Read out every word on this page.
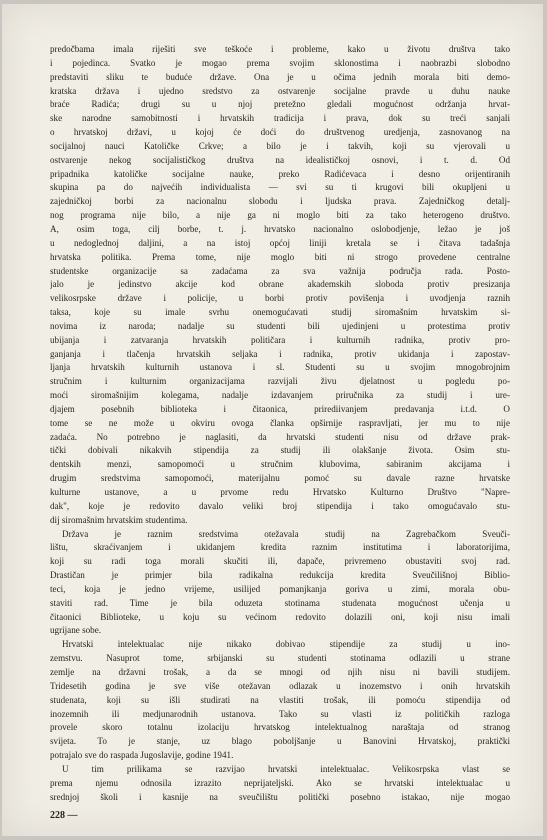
predočbama imala riješiti sve teškoće i probleme, kako u životu društva tako
i pojedinca. Svatko je mogao prema svojim sklonostima i naobrazbi slobodno
predstaviti sliku te buduće države. Ona je u očima jednih morala biti demo-
kratska država i ujedno sredstvo za ostvarenje socijalne pravde u duhu nauke
braće Radića; drugi su u njoj pretežno gledali mogućnost održanja hrvat-
ske narodne samobitnosti i hrvatskih tradicija i prava, dok su treći sanjali
o hrvatskoj državi, u kojoj će doći do društvenog uredjenja, zasnovanog na
socijalnoj nauci Katoličke Crkve; a bilo je i takvih, koji su vjerovali u
ostvarenje nekog socijalističkog društva na idealističkoj osnovi, i t. d. Od
pripadnika katoličke socijalne nauke, preko Radićevaca i desno orijentiranih
skupina pa do najvećih individualista — svi su ti krugovi bili okupljeni u
zajedničkoj borbi za nacionalnu slobodu i ljudska prava. Zajedničkog detalj-
nog programa nije bilo, a nije ga ni moglo biti za tako heterogeno društvo.
A, osim toga, cilj borbe, t. j. hrvatsko nacionalno oslobodjenje, ležao je još
u nedoglednoj daljini, a na istoj općoj liniji kretala se i čitava tadašnja
hrvatska politika. Prema tome, nije moglo biti ni strogo provedene centralne
studentske organizacije sa zadaćama za sva važnija područja rada. Posto-
jalo je jedinstvo akcije kod obrane akademskih sloboda protiv presizanja
velikosrpske države i policije, u borbi protiv povišenja i uvodjenja raznih
taksa, koje su imale svrhu onemogućavati studij siromašnim hrvatskim si-
novima iz naroda; nadalje su studenti bili ujedinjeni u protestima protiv
ubijanja i zatvaranja hrvatskih političara i kulturnih radnika, protiv pro-
ganjanja i tlačenja hrvatskih seljaka i radnika, protiv ukidanja i zapostav-
ljanja hrvatskih kulturnih ustanova i sl. Studenti su u svojim mnogobrojnim
stručnim i kulturnim organizacijama razvijali živu djelatnost u pogledu po-
moći siromašnijim kolegama, nadalje izdavanjem priručnika za studij i ure-
djajem posebnih biblioteka i čitaonica, prirediivanjem predavanja i.t.d. O
tome se ne može u okviru ovoga članka opširnije raspravljati, jer mu to nije
zadaća. No potrebno je naglasiti, da hrvatski studenti nisu od države prak-
tički dobivali nikakvih stipendija za studij ili olakšanje života. Osim stu-
dentskih menzi, samopomoći u stručnim klubovima, sabiranim akcijama i
drugim sredstvima samopomoći, materijalnu pomoć su davale razne hrvatske
kulturne ustanove, a u prvome redu Hrvatsko Kulturno Društvo "Napre-
dak", koje je redovito davalo veliki broj stipendija i tako omogućavalo stu-
dij siromašnim hrvatskim studentima.

Država je raznim sredstvima otežavala studij na Zagrebačkom Sveuči-
lištu, skraćivanjem i ukidanjem kredita raznim institutima i laboratorijima,
koji su radi toga morali skučiti ili, dapače, privremeno obustaviti svoj rad.
Drastičan je primjer bila radikalna redukcija kredita Sveučilišnoj Biblio-
teci, koja je jedno vrijeme, usilijed pomanjkanja goriva u zimi, morala obu-
staviti rad. Time je bila oduzeta stotinama studenata mogućnost učenja u
čitaonici Biblioteke, u koju su većinom redovito dolazili oni, koji nisu imali
ugrijane sobe.

Hrvatski intelektualac nije nikako dobivao stipendije za studij u ino-
zemstvu. Nasuprot tome, srbijanski su studenti stotinama odlazili u strane
zemlje na državni trošak, a da se mnogi od njih nisu ni bavili studijem.
Tridesetih godina je sve više otežavan odlazak u inozemstvo i onih hrvatskih
studenata, koji su išli studirati na vlastiti trošak, ili pomoću stipendija od
inozemnih ili medjunarodnih ustanova. Tako su vlasti iz političkih razloga
provele skoro totalnu izolaciju hrvatskog intelektualnog naraštaja od stranog
svijeta. To je stanje, uz blago poboljšanje u Banovini Hrvatskoj, praktički
potrajalo sve do raspada Jugoslavije, godine 1941.

U tim prilikama se razvijao hrvatski intelektualac. Velikosrpska vlast se
prema njemu odnosila izrazito neprijateljski. Ako se hrvatski intelektualac u
srednjoj školi i kasnije na sveučilištu politički posebno istakao, nije mogao

228 —
